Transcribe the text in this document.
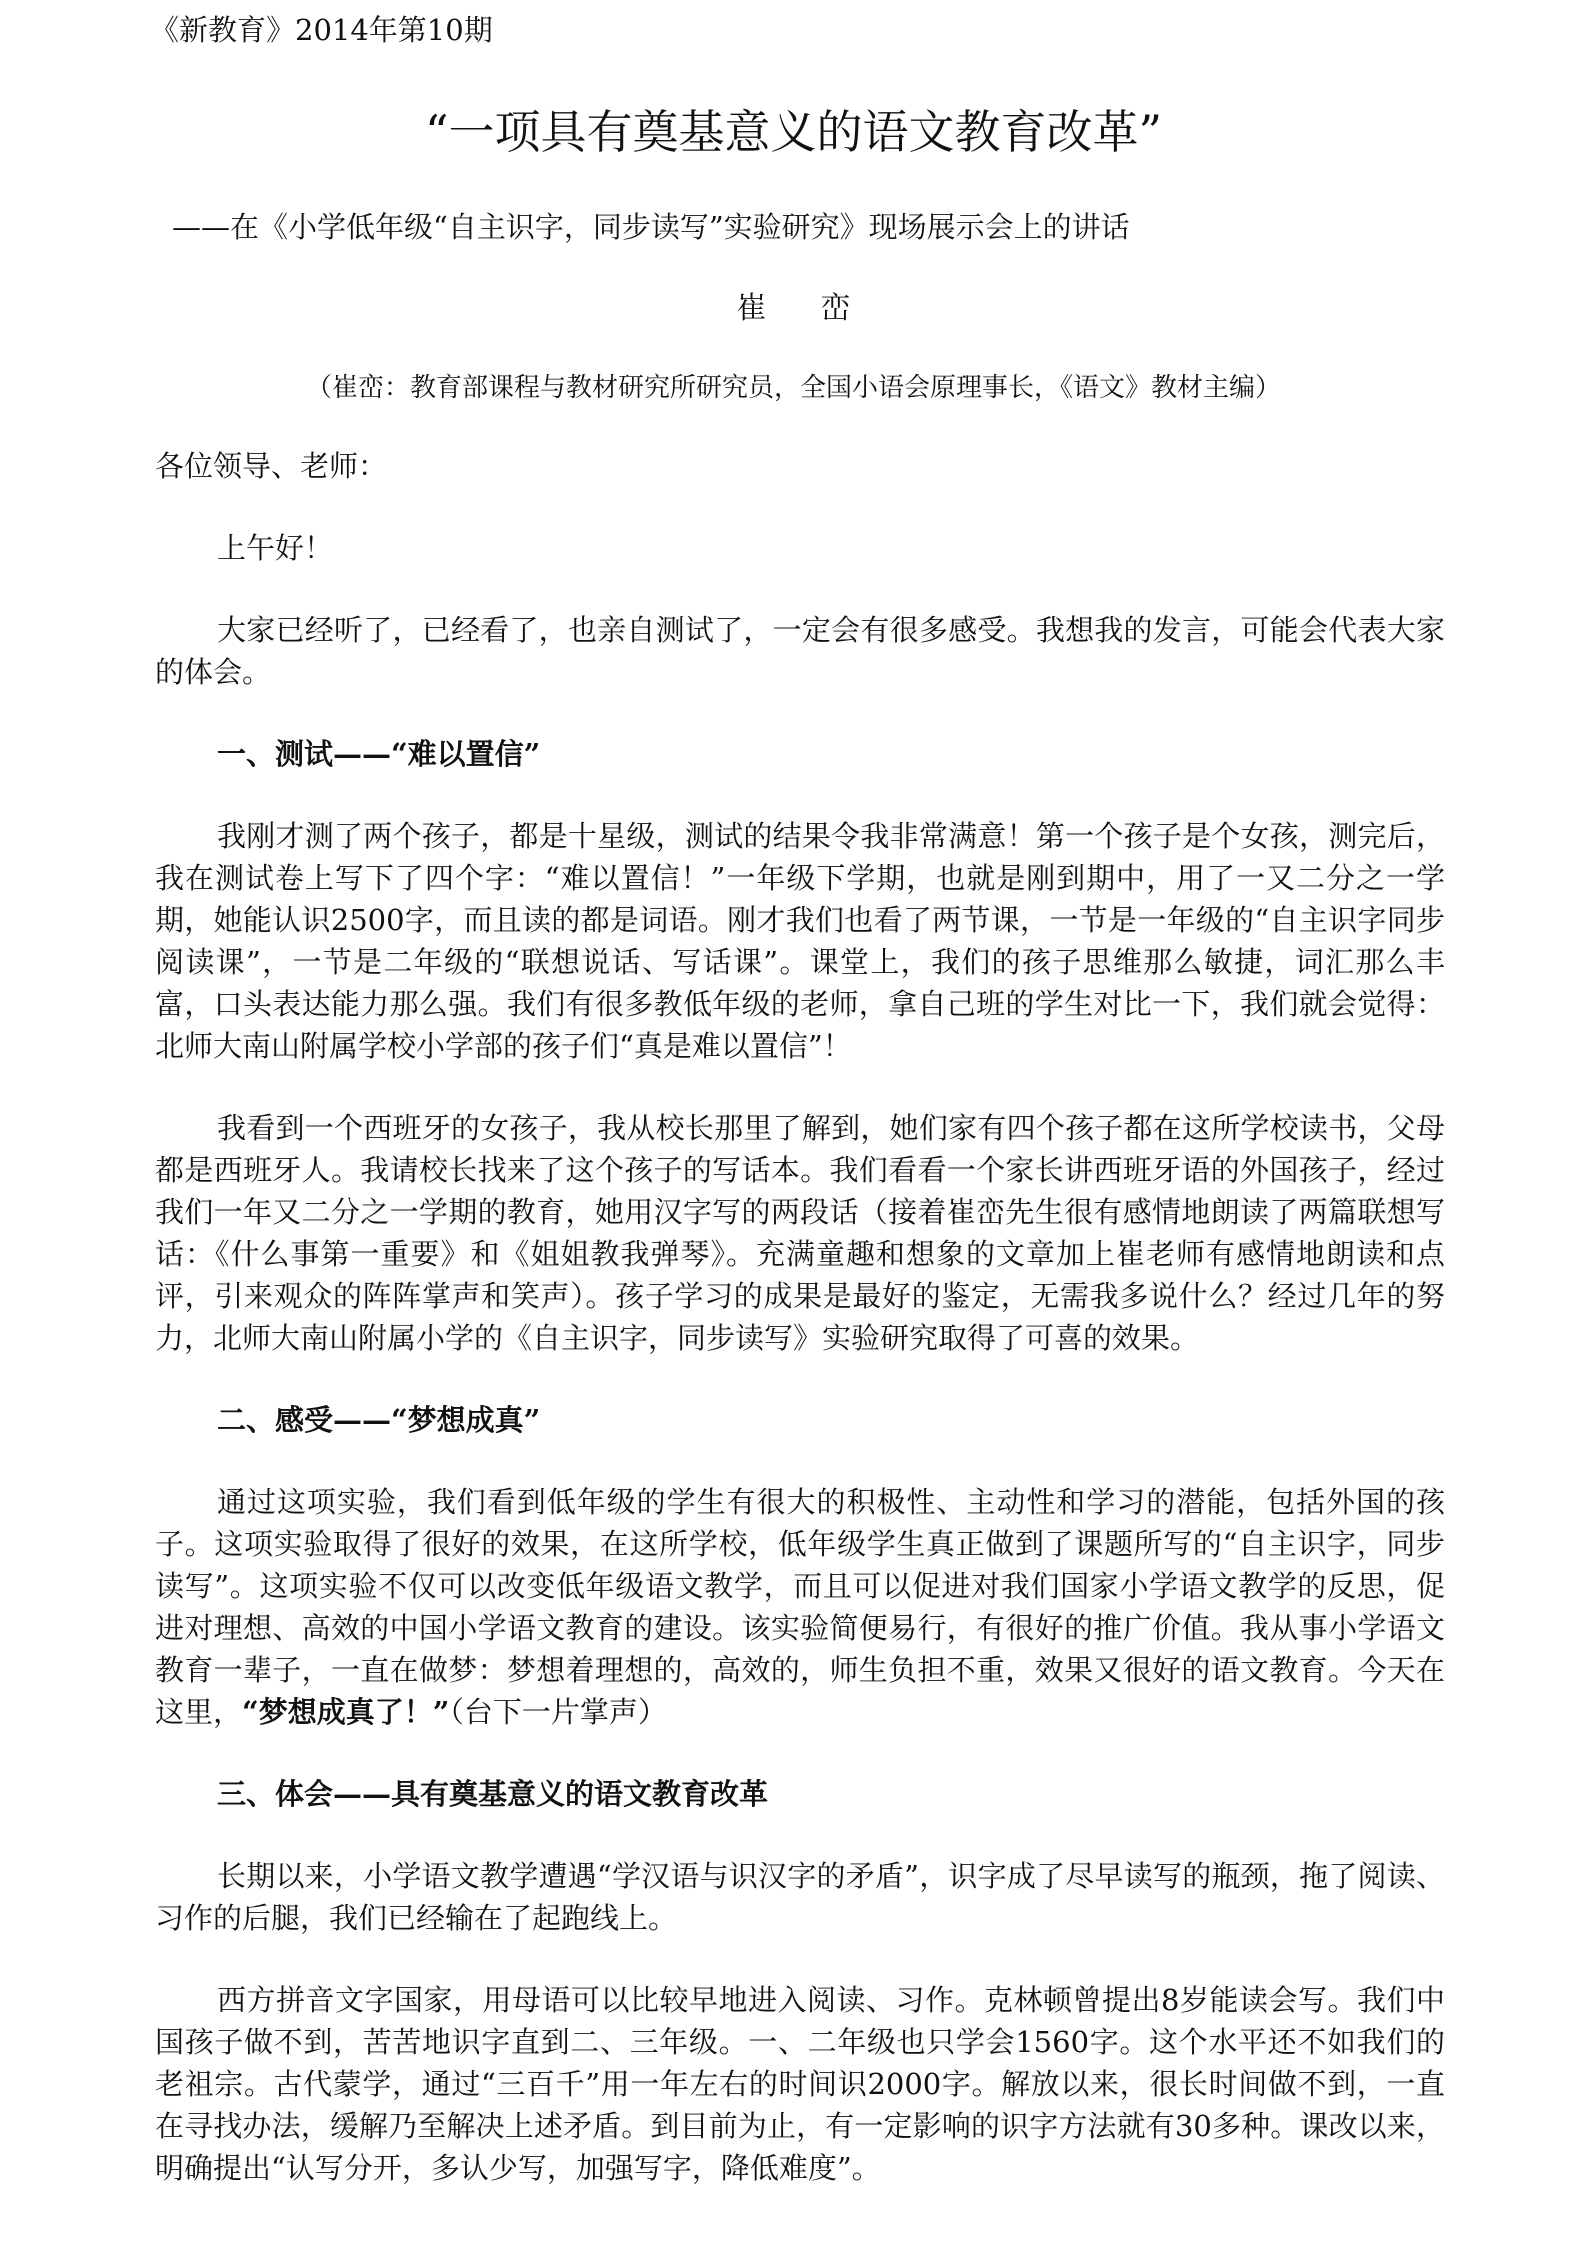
《新教育》2014年第10期
“一项具有奠基意义的语文教育改革”
——在《小学低年级“自主识字，同步读写”实验研究》现场展示会上的讲话
崔峦
（崔峦：教育部课程与教材研究所研究员，全国小语会原理事长，《语文》教材主编）

各位领导、老师：

上午好！

大家已经听了，已经看了，也亲自测试了，一定会有很多感受。我想我的发言，可能会代表大家的体会。

一、测试——“难以置信”

我刚才测了两个孩子，都是十星级，测试的结果令我非常满意！第一个孩子是个女孩，测完后，我在测试卷上写下了四个字：“难以置信！”一年级下学期，也就是刚到期中，用了一又二分之一学期，她能认识2500字，而且读的都是词语。刚才我们也看了两节课，一节是一年级的“自主识字同步阅读课”，一节是二年级的“联想说话、写话课”。课堂上，我们的孩子思维那么敏捷，词汇那么丰富，口头表达能力那么强。我们有很多教低年级的老师，拿自己班的学生对比一下，我们就会觉得：北师大南山附属学校小学部的孩子们“真是难以置信”！

我看到一个西班牙的女孩子，我从校长那里了解到，她们家有四个孩子都在这所学校读书，父母都是西班牙人。我请校长找来了这个孩子的写话本。我们看看一个家长讲西班牙语的外国孩子，经过我们一年又二分之一学期的教育，她用汉字写的两段话（接着崔峦先生很有感情地朗读了两篇联想写话：《什么事第一重要》和《姐姐教我弹琴》。充满童趣和想象的文章加上崔老师有感情地朗读和点评，引来观众的阵阵掌声和笑声）。孩子学习的成果是最好的鉴定，无需我多说什么？经过几年的努力，北师大南山附属小学的《自主识字，同步读写》实验研究取得了可喜的效果。

二、感受——“梦想成真”

通过这项实验，我们看到低年级的学生有很大的积极性、主动性和学习的潜能，包括外国的孩子。这项实验取得了很好的效果，在这所学校，低年级学生真正做到了课题所写的“自主识字，同步读写”。这项实验不仅可以改变低年级语文教学，而且可以促进对我们国家小学语文教学的反思，促进对理想、高效的中国小学语文教育的建设。该实验简便易行，有很好的推广价值。我从事小学语文教育一辈子，一直在做梦：梦想着理想的，高效的，师生负担不重，效果又很好的语文教育。今天在这里，“梦想成真了！”（台下一片掌声）

三、体会——具有奠基意义的语文教育改革

长期以来，小学语文教学遭遇“学汉语与识汉字的矛盾”，识字成了尽早读写的瓶颈，拖了阅读、习作的后腿，我们已经输在了起跑线上。

西方拼音文字国家，用母语可以比较早地进入阅读、习作。克林顿曾提出8岁能读会写。我们中国孩子做不到，苦苦地识字直到二、三年级。一、二年级也只学会1560字。这个水平还不如我们的老祖宗。古代蒙学，通过“三百千”用一年左右的时间识2000字。解放以来，很长时间做不到，一直在寻找办法，缓解乃至解决上述矛盾。到目前为止，有一定影响的识字方法就有30多种。课改以来，明确提出“认写分开，多认少写，加强写字，降低难度”。
